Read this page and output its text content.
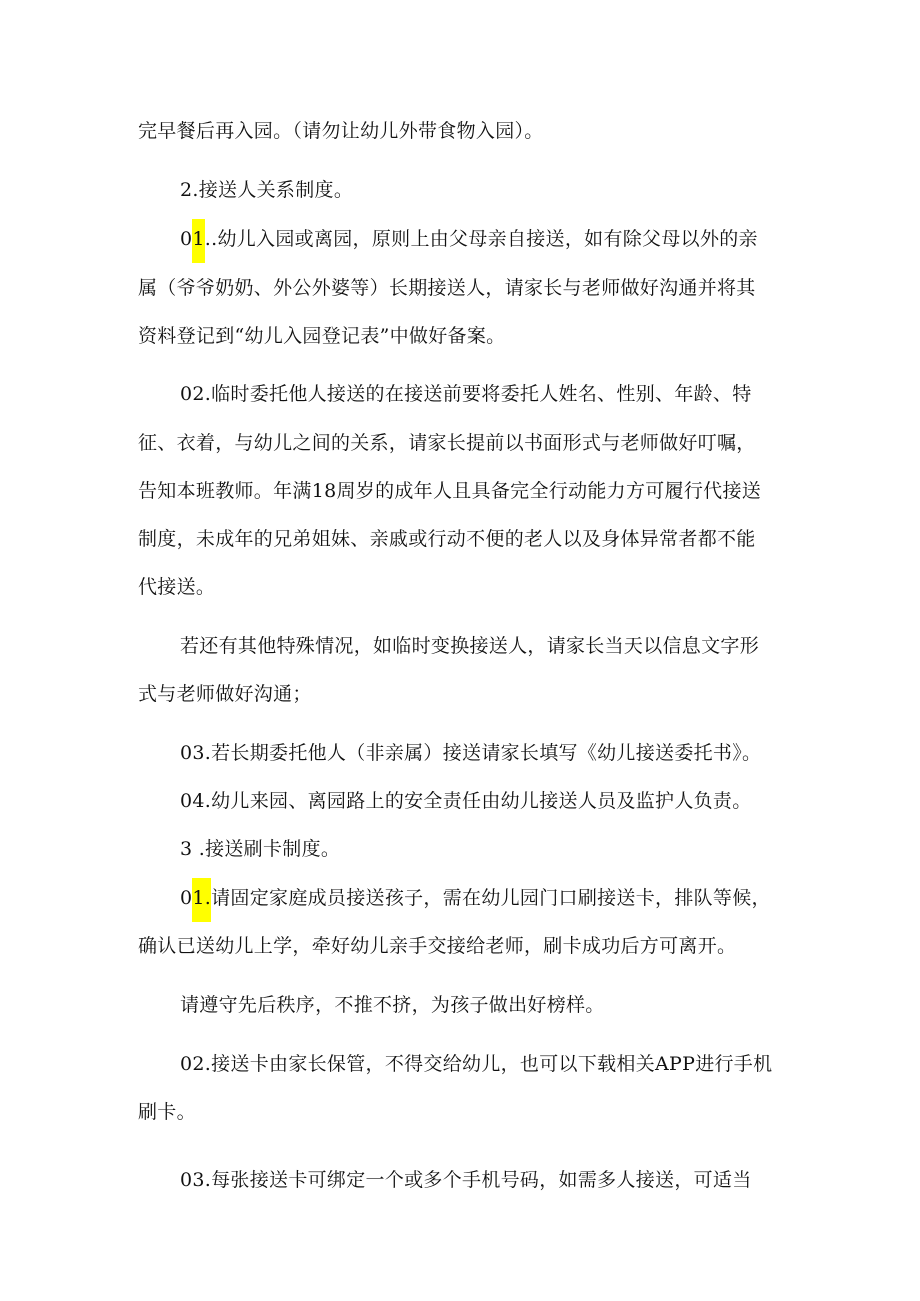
完早餐后再入园。（请勿让幼儿外带食物入园）。
2.接送人关系制度。
01..幼儿入园或离园，原则上由父母亲自接送，如有除父母以外的亲
属（爷爷奶奶、外公外婆等）长期接送人，请家长与老师做好沟通并将其
资料登记到“幼儿入园登记表”中做好备案。
02.临时委托他人接送的在接送前要将委托人姓名、性别、年龄、特
征、衣着，与幼儿之间的关系，请家长提前以书面形式与老师做好叮嘱，
告知本班教师。年满18周岁的成年人且具备完全行动能力方可履行代接送
制度，未成年的兄弟姐妹、亲戚或行动不便的老人以及身体异常者都不能
代接送。
若还有其他特殊情况，如临时变换接送人，请家长当天以信息文字形
式与老师做好沟通；
03.若长期委托他人（非亲属）接送请家长填写《幼儿接送委托书》。
04.幼儿来园、离园路上的安全责任由幼儿接送人员及监护人负责。
3 .接送刷卡制度。
01.请固定家庭成员接送孩子，需在幼儿园门口刷接送卡，排队等候，
确认已送幼儿上学，牵好幼儿亲手交接给老师，刷卡成功后方可离开。
请遵守先后秩序，不推不挤，为孩子做出好榜样。
02.接送卡由家长保管，不得交给幼儿，也可以下载相关APP进行手机
刷卡。
03.每张接送卡可绑定一个或多个手机号码，如需多人接送，可适当
